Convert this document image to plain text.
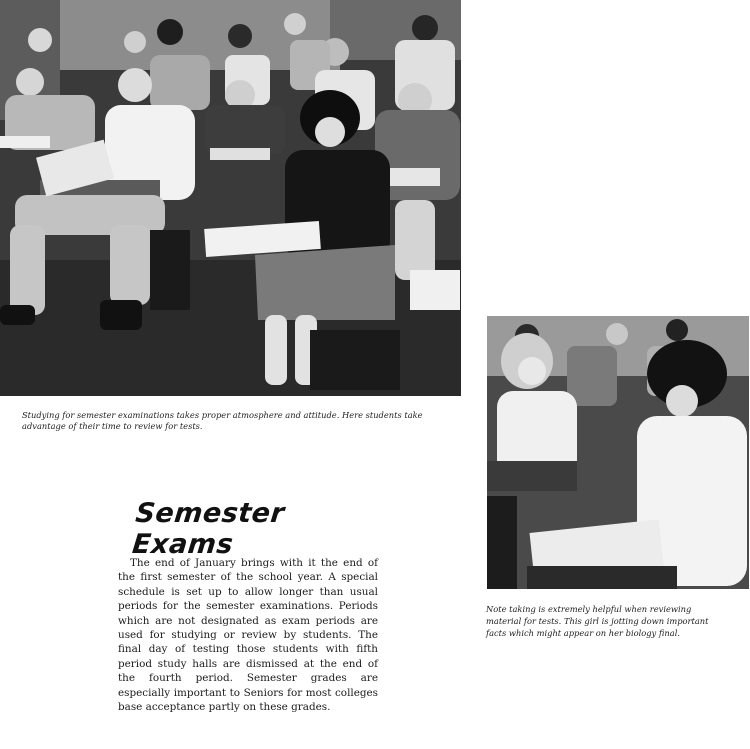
Studying for semester examinations takes proper atmosphere and attitude. Here students take advantage of their time to review for tests.
Semester Exams
The end of January brings with it the end of the first semester of the school year. A special schedule is set up to allow longer than usual periods for the semester examinations. Periods which are not designated as exam periods are used for studying or review by students. The final day of testing those students with fifth period study halls are dismissed at the end of the fourth period. Semester grades are especially important to Seniors for most colleges base acceptance partly on these grades.
Note taking is extremely helpful when reviewing material for tests. This girl is jotting down important facts which might appear on her biology final.
